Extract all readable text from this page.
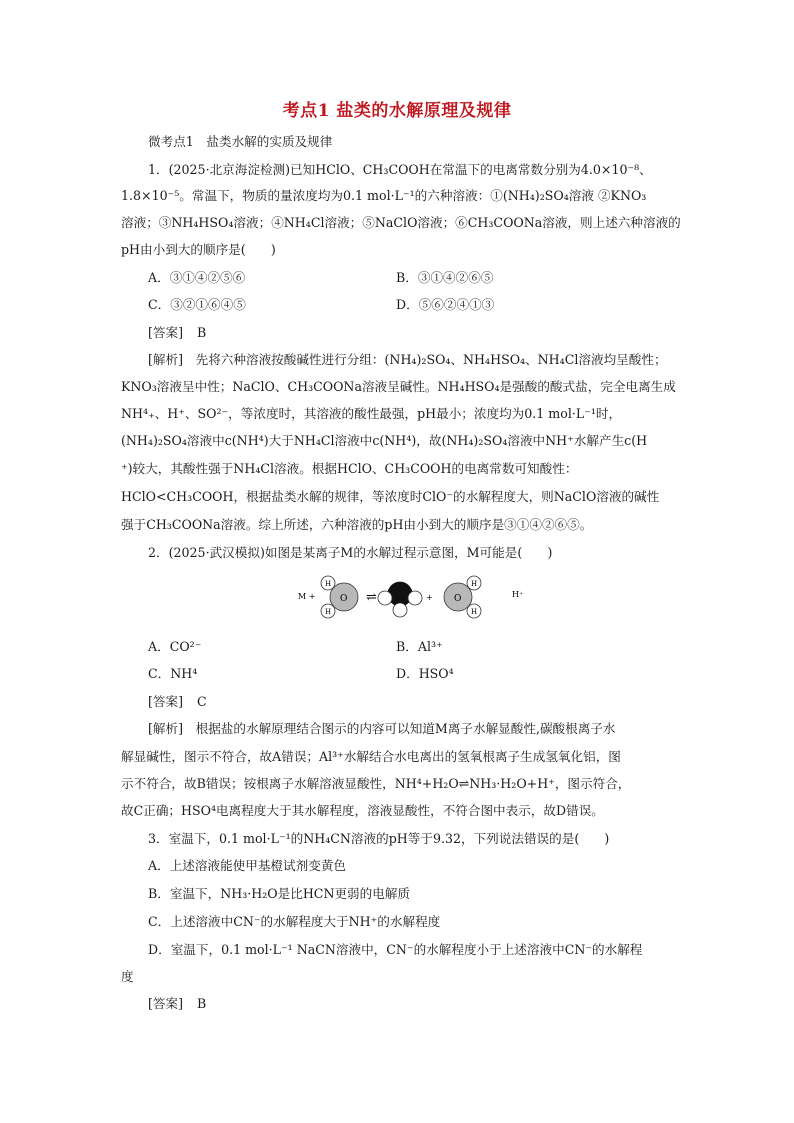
考点1 盐类的水解原理及规律
微考点1　盐类水解的实质及规律
1．(2025·北京海淀检测)已知HClO、CH₃COOH在常温下的电离常数分别为4.0×10⁻⁸、
1.8×10⁻⁵。常温下，物质的量浓度均为0.1 mol·L⁻¹的六种溶液：①(NH₄)₂SO₄溶液 ②KNO₃
溶液；③NH₄HSO₄溶液；④NH₄Cl溶液；⑤NaClO溶液；⑥CH₃COONa溶液，则上述六种溶液的
pH由小到大的顺序是(　　)
A．③①④②⑤⑥	B．③①④②⑥⑤
C．③②①⑥④⑤	D．⑤⑥②④①③
[答案] B
[解析]　先将六种溶液按酸碱性进行分组：(NH₄)₂SO₄、NH₄HSO₄、NH₄Cl溶液均呈酸性；
KNO₃溶液呈中性；NaClO、CH₃COONa溶液呈碱性。NH₄HSO₄是强酸的酸式盐，完全电离生成
NH⁴₊、H⁺、SO²⁻，等浓度时，其溶液的酸性最强，pH最小；浓度均为0.1 mol·L⁻¹时，
(NH₄)₂SO₄溶液中c(NH⁴)大于NH₄Cl溶液中c(NH⁴)，故(NH₄)₂SO₄溶液中NH⁺水解产生c(H
⁺)较大，其酸性强于NH₄Cl溶液。根据HClO、CH₃COOH的电离常数可知酸性：
HClO<CH₃COOH，根据盐类水解的规律，等浓度时ClO⁻的水解程度大，则NaClO溶液的碱性
强于CH₃COONa溶液。综上所述，六种溶液的pH由小到大的顺序是③①④②⑥⑤。
2．(2025·武汉模拟)如图是某离子M的水解过程示意图，M可能是(　　)
M +	O
H
H
⇌	+ O
H
H
H⁺
A．CO²⁻	B．Al³⁺
C．NH⁴	D．HSO⁴
[答案] C
[解析]　根据盐的水解原理结合图示的内容可以知道M离子水解显酸性,碳酸根离子水
解显碱性，图示不符合，故A错误；Al³⁺水解结合水电离出的氢氧根离子生成氢氧化铝，图
示不符合，故B错误；铵根离子水解溶液显酸性，NH⁴+H₂O⇌NH₃·H₂O+H⁺，图示符合，
故C正确；HSO⁴电离程度大于其水解程度，溶液显酸性，不符合图中表示，故D错误。
3．室温下，0.1 mol·L⁻¹的NH₄CN溶液的pH等于9.32，下列说法错误的是(　　)
A．上述溶液能使甲基橙试剂变黄色
B．室温下，NH₃·H₂O是比HCN更弱的电解质
C．上述溶液中CN⁻的水解程度大于NH⁺的水解程度
D．室温下，0.1 mol·L⁻¹ NaCN溶液中，CN⁻的水解程度小于上述溶液中CN⁻的水解程
度
[答案] B
